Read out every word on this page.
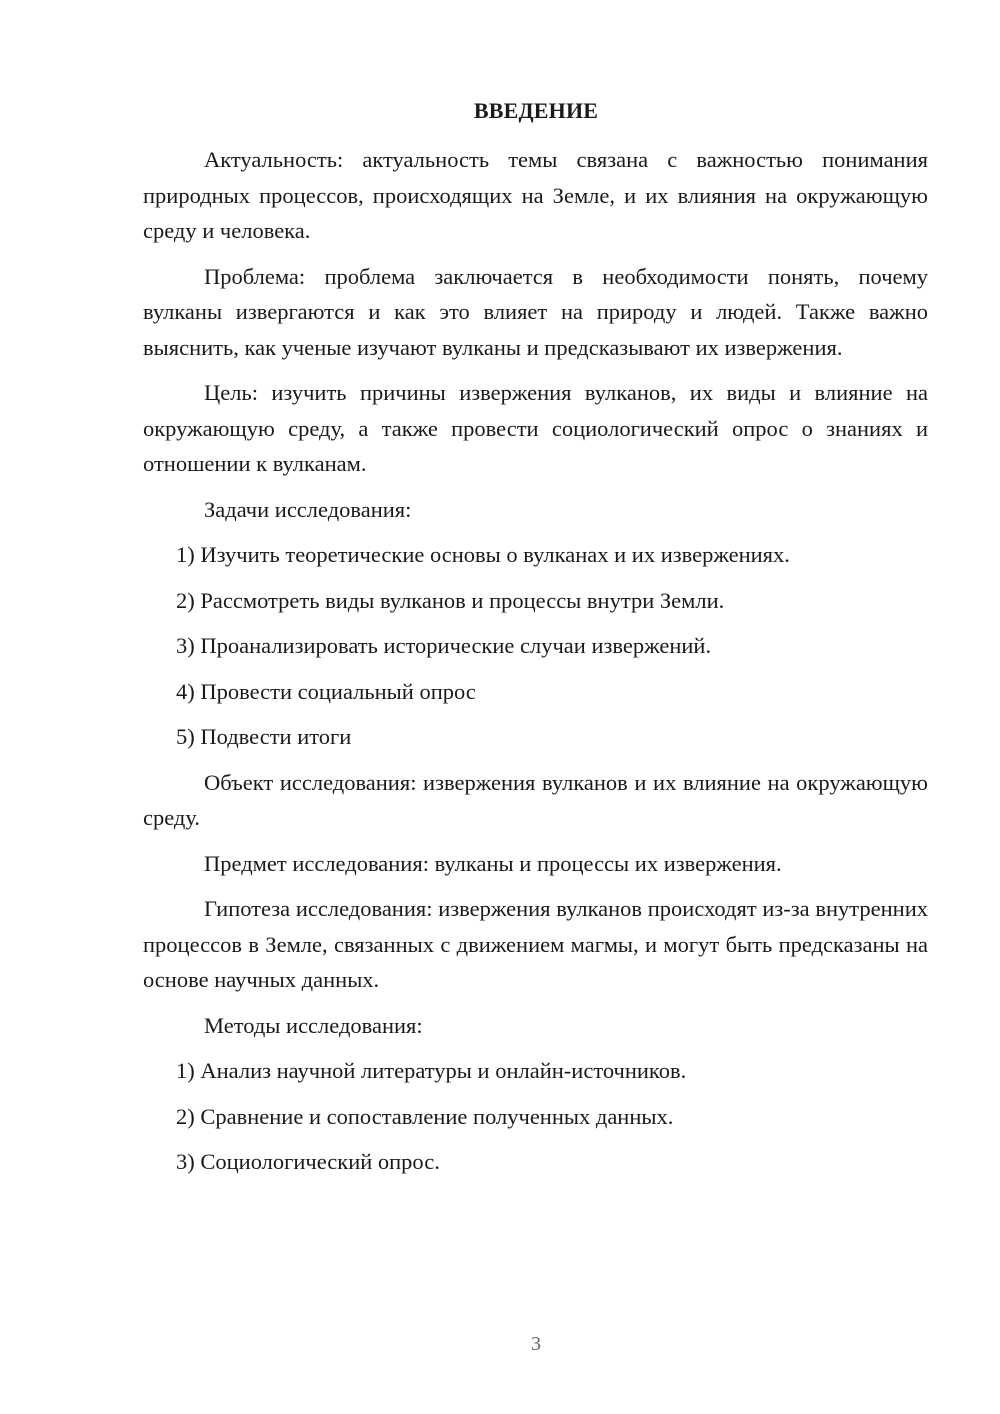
ВВЕДЕНИЕ

Актуальность: актуальность темы связана с важностью понимания природных процессов, происходящих на Земле, и их влияния на окружающую среду и человека.

Проблема: проблема заключается в необходимости понять, почему вулканы извергаются и как это влияет на природу и людей. Также важно выяснить, как ученые изучают вулканы и предсказывают их извержения.

Цель: изучить причины извержения вулканов, их виды и влияние на окружающую среду, а также провести социологический опрос о знаниях и отношении к вулканам.

Задачи исследования:

1) Изучить теоретические основы о вулканах и их извержениях.

2) Рассмотреть виды вулканов и процессы внутри Земли.

3) Проанализировать исторические случаи извержений.

4) Провести социальный опрос

5) Подвести итоги

Объект исследования: извержения вулканов и их влияние на окружающую среду.

Предмет исследования: вулканы и процессы их извержения.

Гипотеза исследования: извержения вулканов происходят из-за внутренних процессов в Земле, связанных с движением магмы, и могут быть предсказаны на основе научных данных.

Методы исследования:

1) Анализ научной литературы и онлайн-источников.

2) Сравнение и сопоставление полученных данных.

3) Социологический опрос.

3
